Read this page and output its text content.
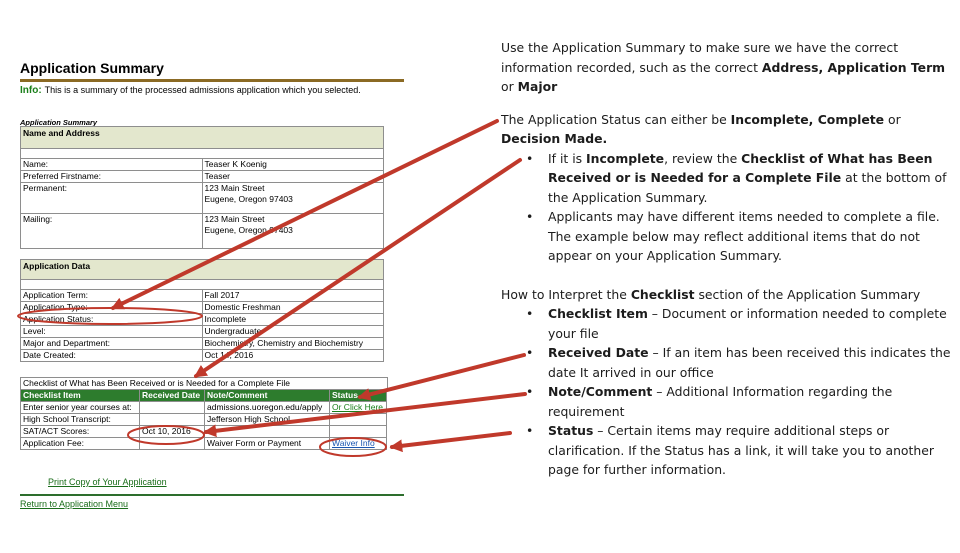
Application Summary
Info: This is a summary of the processed admissions application which you selected.
Application Summary
Name and Address	

Name:	Teaser K Koenig
Preferred Firstname:	Teaser
Permanent:	123 Main Street
Eugene, Oregon 97403

Mailing:	123 Main Street
Eugene, Oregon 97403
Application Data	

Application Term:	Fall 2017
Application Type:	Domestic Freshman
Application Status:	Incomplete
Level:	Undergraduate
Major and Department:	Biochemistry, Chemistry and Biochemistry
Date Created:	Oct 14, 2016
Checklist of What has Been Received or is Needed for a Complete File
Checklist Item	Received Date	Note/Comment	Status
Enter senior year courses at:		admissions.uoregon.edu/apply	Or Click Here
High School Transcript:		Jefferson High School	
SAT/ACT Scores:	Oct 10, 2016		
Application Fee:		Waiver Form or Payment	Waiver Info
Print Copy of Your Application
Return to Application Menu

Use the Application Summary to make sure we have the correct information recorded, such as the correct Address, Application Term or Major

The Application Status can either be Incomplete, Complete or Decision Made.

• If it is Incomplete, review the Checklist of What has Been Received or is Needed for a Complete File at the bottom of the Application Summary.
• Applicants may have different items needed to complete a file. The example below may reflect additional items that do not appear on your Application Summary.

How to Interpret the Checklist section of the Application Summary

• Checklist Item – Document or information needed to complete your file
• Received Date – If an item has been received this indicates the date It arrived in our office
• Note/Comment – Additional Information regarding the requirement
• Status – Certain items may require additional steps or clarification. If the Status has a link, it will take you to another page for further information.
